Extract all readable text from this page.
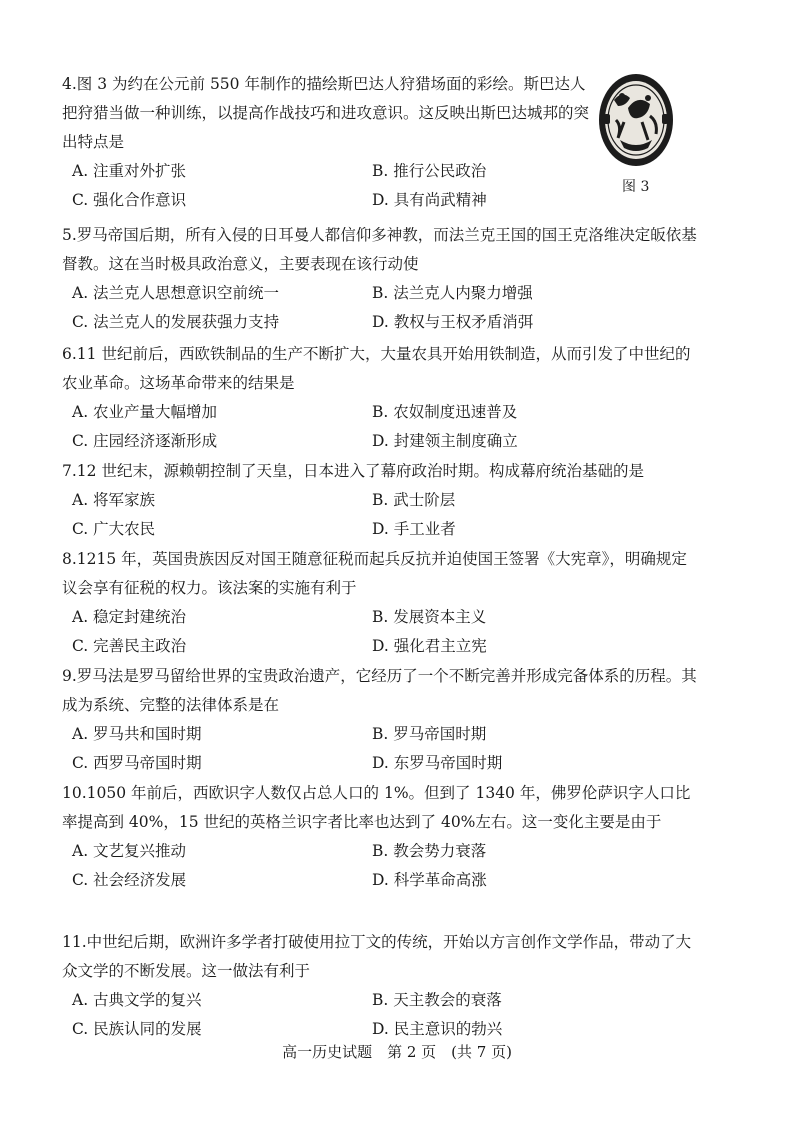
图 3

4.图 3 为约在公元前 550 年制作的描绘斯巴达人狩猎场面的彩绘。斯巴达人把狩猎当做一种训练，以提高作战技巧和进攻意识。这反映出斯巴达城邦的突出特点是

A. 注重对外扩张	B. 推行公民政治
C. 强化合作意识	D. 具有尚武精神

5.罗马帝国后期，所有入侵的日耳曼人都信仰多神教，而法兰克王国的国王克洛维决定皈依基督教。这在当时极具政治意义，主要表现在该行动使

A. 法兰克人思想意识空前统一	B. 法兰克人内聚力增强
C. 法兰克人的发展获强力支持	D. 教权与王权矛盾消弭

6.11 世纪前后，西欧铁制品的生产不断扩大，大量农具开始用铁制造，从而引发了中世纪的农业革命。这场革命带来的结果是

A. 农业产量大幅增加	B. 农奴制度迅速普及
C. 庄园经济逐渐形成	D. 封建领主制度确立

7.12 世纪末，源赖朝控制了天皇，日本进入了幕府政治时期。构成幕府统治基础的是

A. 将军家族	B. 武士阶层
C. 广大农民	D. 手工业者

8.1215 年，英国贵族因反对国王随意征税而起兵反抗并迫使国王签署《大宪章》，明确规定议会享有征税的权力。该法案的实施有利于

A. 稳定封建统治	B. 发展资本主义
C. 完善民主政治	D. 强化君主立宪

9.罗马法是罗马留给世界的宝贵政治遗产，它经历了一个不断完善并形成完备体系的历程。其成为系统、完整的法律体系是在

A. 罗马共和国时期	B. 罗马帝国时期
C. 西罗马帝国时期	D. 东罗马帝国时期

10.1050 年前后，西欧识字人数仅占总人口的 1%。但到了 1340 年，佛罗伦萨识字人口比率提高到 40%，15 世纪的英格兰识字者比率也达到了 40%左右。这一变化主要是由于

A. 文艺复兴推动	B. 教会势力衰落
C. 社会经济发展	D. 科学革命高涨

11.中世纪后期，欧洲许多学者打破使用拉丁文的传统，开始以方言创作文学作品，带动了大众文学的不断发展。这一做法有利于

A. 古典文学的复兴	B. 天主教会的衰落
C. 民族认同的发展	D. 民主意识的勃兴
高一历史试题　第 2 页　(共 7 页)
